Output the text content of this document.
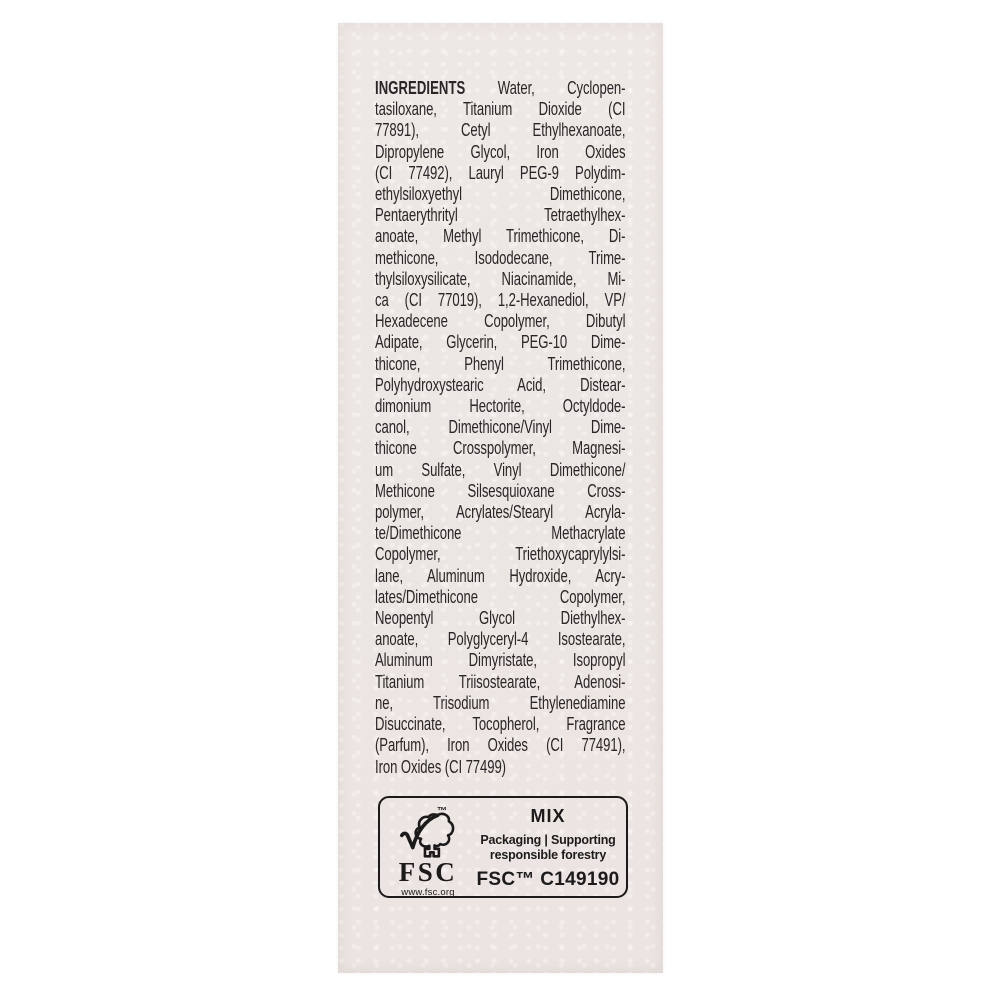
INGREDIENTS Water, Cyclopen-
tasiloxane, Titanium Dioxide (CI
77891), Cetyl Ethylhexanoate,
Dipropylene Glycol, Iron Oxides
(CI 77492), Lauryl PEG-9 Polydim-
ethylsiloxyethyl Dimethicone,
Pentaerythrityl Tetraethylhex-
anoate, Methyl Trimethicone, Di-
methicone, Isododecane, Trime-
thylsiloxysilicate, Niacinamide, Mi-
ca (CI 77019), 1,2-Hexanediol, VP/
Hexadecene Copolymer, Dibutyl
Adipate, Glycerin, PEG-10 Dime-
thicone, Phenyl Trimethicone,
Polyhydroxystearic Acid, Distear-
dimonium Hectorite, Octyldode-
canol, Dimethicone/Vinyl Dime-
thicone Crosspolymer, Magnesi-
um Sulfate, Vinyl Dimethicone/
Methicone Silsesquioxane Cross-
polymer, Acrylates/Stearyl Acryla-
te/Dimethicone Methacrylate
Copolymer, Triethoxycaprylylsi-
lane, Aluminum Hydroxide, Acry-
lates/Dimethicone Copolymer,
Neopentyl Glycol Diethylhex-
anoate, Polyglyceryl-4 Isostearate,
Aluminum Dimyristate, Isopropyl
Titanium Triisostearate, Adenosi-
ne, Trisodium Ethylenediamine
Disuccinate, Tocopherol, Fragrance
(Parfum), Iron Oxides (CI 77491),
Iron Oxides (CI 77499)
™
FSC
www.fsc.org
MIX
Packaging | Supporting
responsible forestry
FSC™ C149190
